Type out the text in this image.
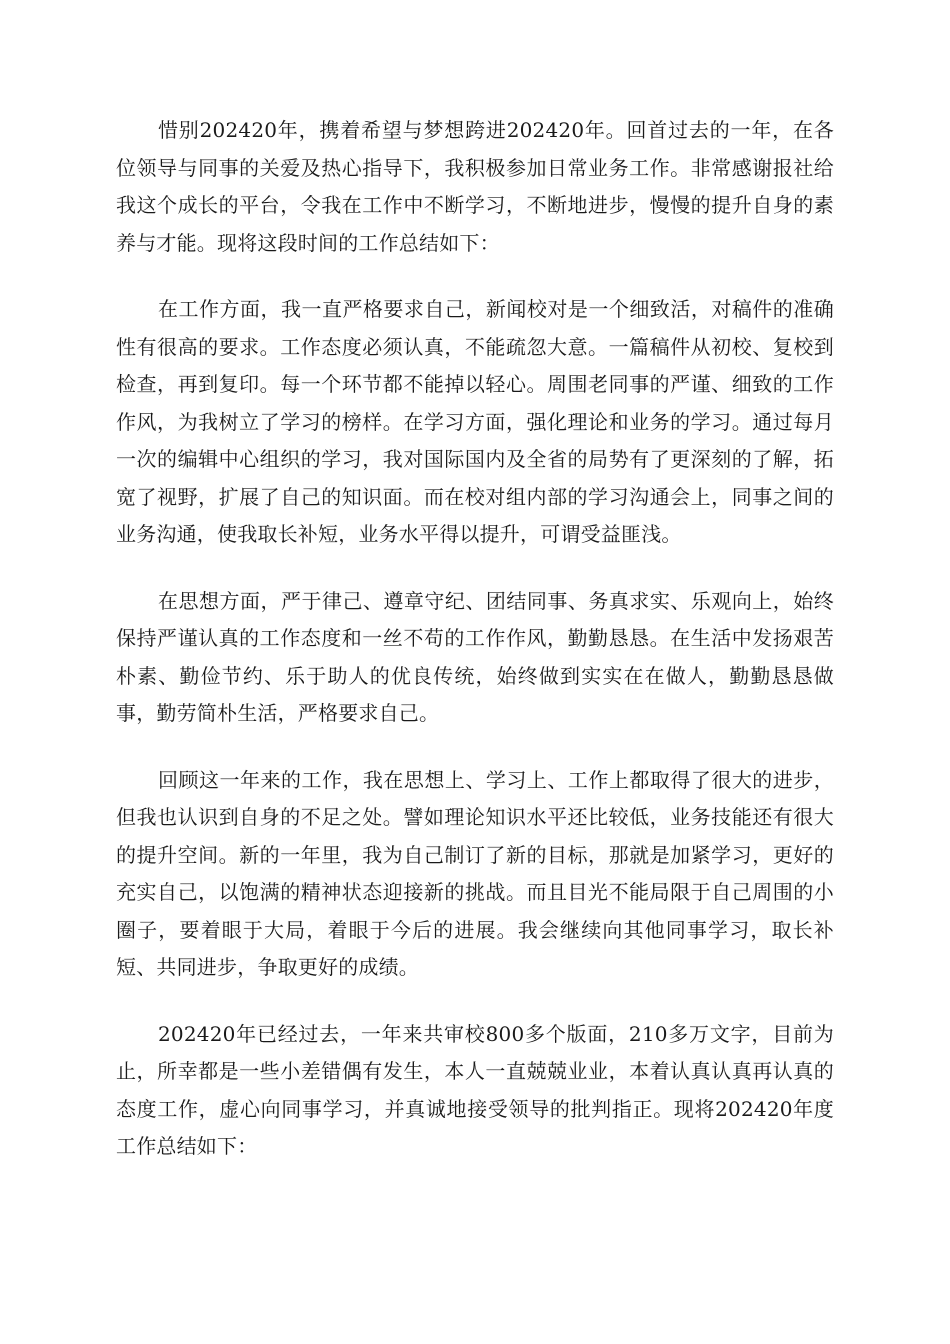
惜别202420年，携着希望与梦想跨进202420年。回首过去的一年，在各位领导与同事的关爱及热心指导下，我积极参加日常业务工作。非常感谢报社给我这个成长的平台，令我在工作中不断学习，不断地进步，慢慢的提升自身的素养与才能。现将这段时间的工作总结如下：

在工作方面，我一直严格要求自己，新闻校对是一个细致活，对稿件的准确性有很高的要求。工作态度必须认真，不能疏忽大意。一篇稿件从初校、复校到检查，再到复印。每一个环节都不能掉以轻心。周围老同事的严谨、细致的工作作风，为我树立了学习的榜样。在学习方面，强化理论和业务的学习。通过每月一次的编辑中心组织的学习，我对国际国内及全省的局势有了更深刻的了解，拓宽了视野，扩展了自己的知识面。而在校对组内部的学习沟通会上，同事之间的业务沟通，使我取长补短，业务水平得以提升，可谓受益匪浅。

在思想方面，严于律己、遵章守纪、团结同事、务真求实、乐观向上，始终保持严谨认真的工作态度和一丝不苟的工作作风，勤勤恳恳。在生活中发扬艰苦朴素、勤俭节约、乐于助人的优良传统，始终做到实实在在做人，勤勤恳恳做事，勤劳简朴生活，严格要求自己。

回顾这一年来的工作，我在思想上、学习上、工作上都取得了很大的进步，但我也认识到自身的不足之处。譬如理论知识水平还比较低，业务技能还有很大的提升空间。新的一年里，我为自己制订了新的目标，那就是加紧学习，更好的充实自己，以饱满的精神状态迎接新的挑战。而且目光不能局限于自己周围的小圈子，要着眼于大局，着眼于今后的进展。我会继续向其他同事学习，取长补短、共同进步，争取更好的成绩。

202420年已经过去，一年来共审校800多个版面，210多万文字，目前为止，所幸都是一些小差错偶有发生，本人一直兢兢业业，本着认真认真再认真的态度工作，虚心向同事学习，并真诚地接受领导的批判指正。现将202420年度工作总结如下：
